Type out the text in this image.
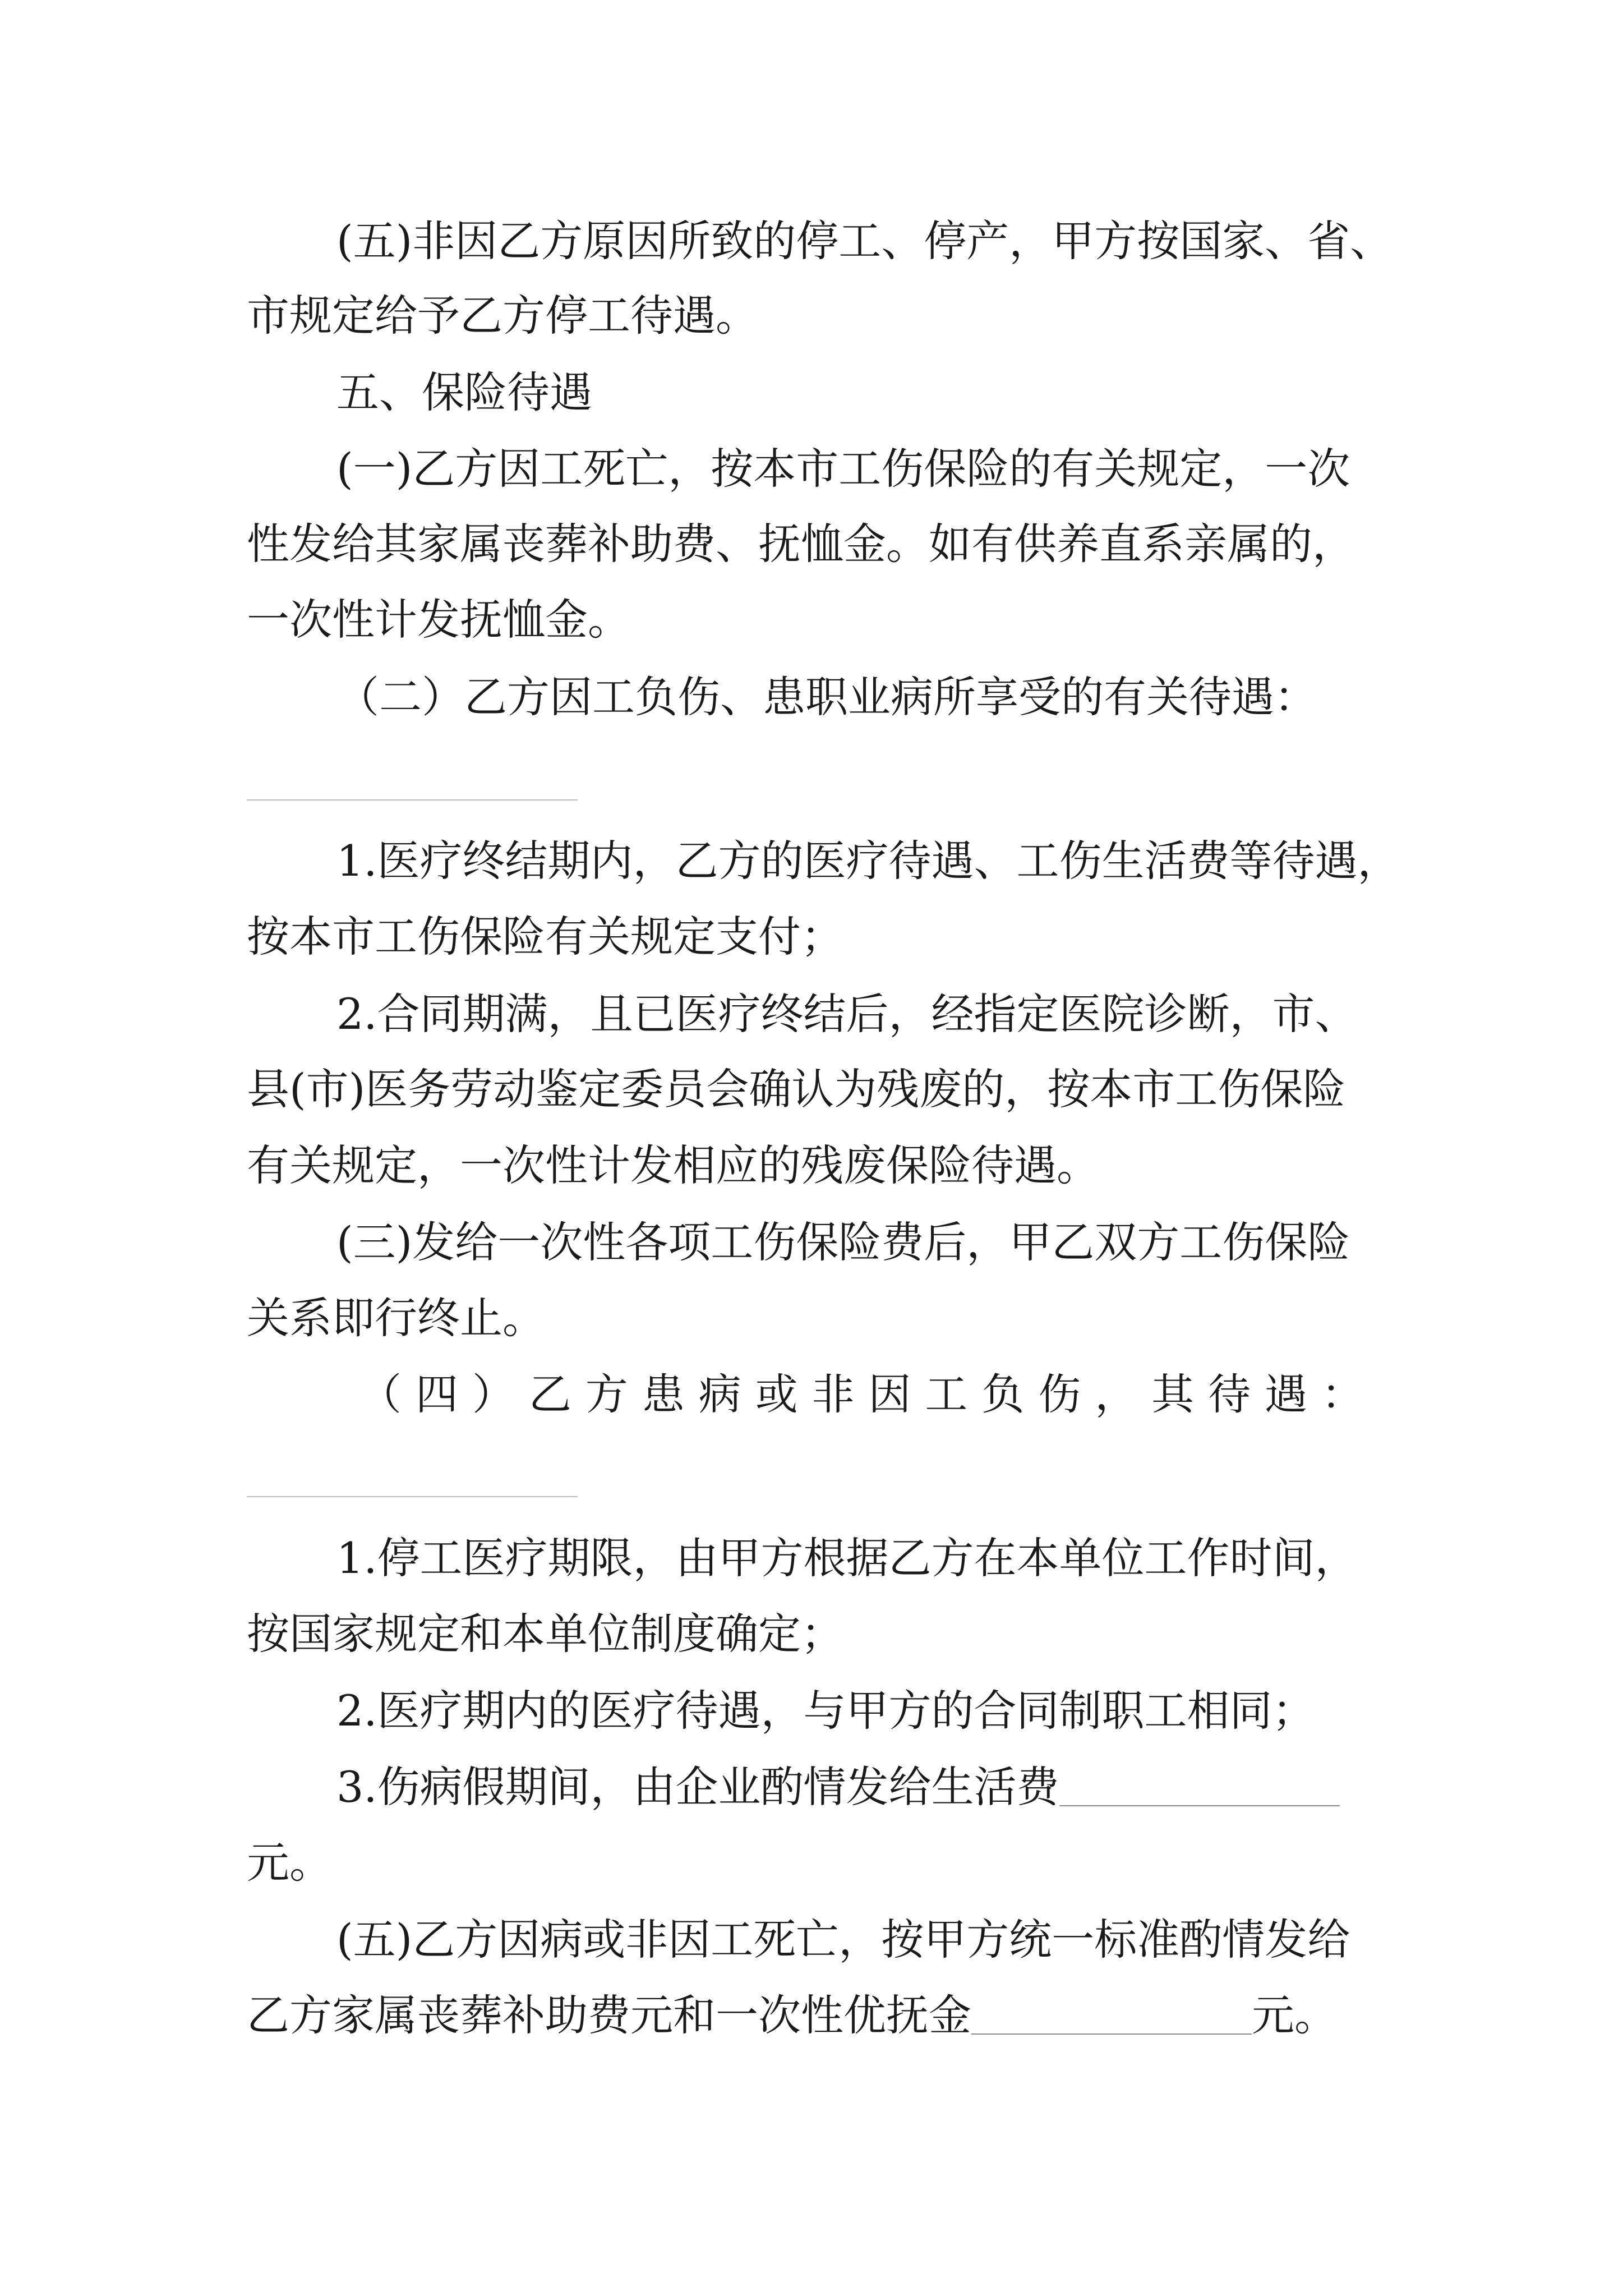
(五)非因乙方原因所致的停工、停产，甲方按国家、省、
市规定给予乙方停工待遇。
五、保险待遇
(一)乙方因工死亡，按本市工伤保险的有关规定，一次
性发给其家属丧葬补助费、抚恤金。如有供养直系亲属的，
一次性计发抚恤金。
（二）乙方因工负伤、患职业病所享受的有关待遇：
1.医疗终结期内，乙方的医疗待遇、工伤生活费等待遇，
按本市工伤保险有关规定支付；
2.合同期满，且已医疗终结后，经指定医院诊断，市、
县(市)医务劳动鉴定委员会确认为残废的，按本市工伤保险
有关规定，一次性计发相应的残废保险待遇。
(三)发给一次性各项工伤保险费后，甲乙双方工伤保险
关系即行终止。
（四）乙方患病或非因工负伤，其待遇：
1.停工医疗期限，由甲方根据乙方在本单位工作时间，
按国家规定和本单位制度确定；
2.医疗期内的医疗待遇，与甲方的合同制职工相同；
3.伤病假期间，由企业酌情发给生活费
元。
(五)乙方因病或非因工死亡，按甲方统一标准酌情发给
乙方家属丧葬补助费元和一次性优抚金	元。
